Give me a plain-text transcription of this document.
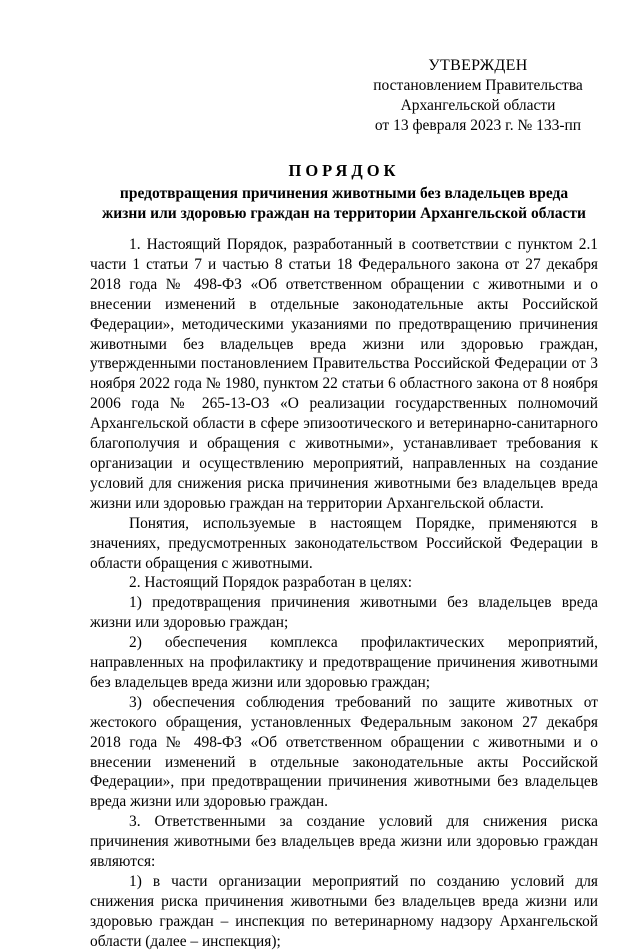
УТВЕРЖДЕН
постановлением Правительства
Архангельской области
от 13 февраля 2023 г. № 133-пп
ПОРЯДОК
предотвращения причинения животными без владельцев вреда
жизни или здоровью граждан на территории Архангельской области

1. Настоящий Порядок, разработанный в соответствии с пунктом 2.1 части 1 статьи 7 и частью 8 статьи 18 Федерального закона от 27 декабря 2018 года № 498-ФЗ «Об ответственном обращении с животными и о внесении изменений в отдельные законодательные акты Российской Федерации», методическими указаниями по предотвращению причинения животными без владельцев вреда жизни или здоровью граждан, утвержденными постановлением Правительства Российской Федерации от 3 ноября 2022 года № 1980, пунктом 22 статьи 6 областного закона от 8 ноября 2006 года № 265-13-ОЗ «О реализации государственных полномочий Архангельской области в сфере эпизоотического и ветеринарно-санитарного благополучия и обращения с животными», устанавливает требования к организации и осуществлению мероприятий, направленных на создание условий для снижения риска причинения животными без владельцев вреда жизни или здоровью граждан на территории Архангельской области.

Понятия, используемые в настоящем Порядке, применяются в значениях, предусмотренных законодательством Российской Федерации в области обращения с животными.

2. Настоящий Порядок разработан в целях:

1) предотвращения причинения животными без владельцев вреда жизни или здоровью граждан;

2) обеспечения комплекса профилактических мероприятий, направленных на профилактику и предотвращение причинения животными без владельцев вреда жизни или здоровью граждан;

3) обеспечения соблюдения требований по защите животных от жестокого обращения, установленных Федеральным законом 27 декабря 2018 года № 498-ФЗ «Об ответственном обращении с животными и о внесении изменений в отдельные законодательные акты Российской Федерации», при предотвращении причинения животными без владельцев вреда жизни или здоровью граждан.

3. Ответственными за создание условий для снижения риска причинения животными без владельцев вреда жизни или здоровью граждан являются:

1) в части организации мероприятий по созданию условий для снижения риска причинения животными без владельцев вреда жизни или здоровью граждан – инспекция по ветеринарному надзору Архангельской области (далее – инспекция);
